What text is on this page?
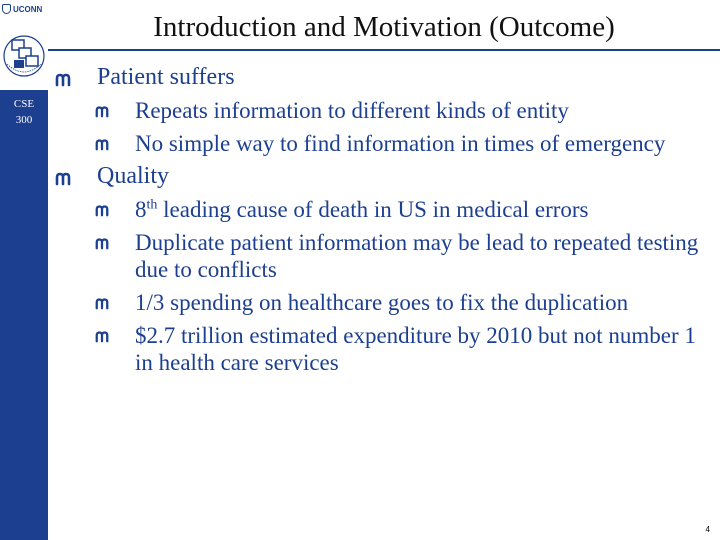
UCONN
CSE
300
Introduction and Motivation (Outcome)
Patient suffers
Repeats information to different kinds of entity
No simple way to find information in times of emergency
Quality
8th leading cause of death in US in medical errors
Duplicate patient information may be lead to repeated testing due to conflicts
1/3 spending on healthcare goes to fix the duplication
$2.7 trillion estimated expenditure by 2010 but not number 1 in health care services
4
